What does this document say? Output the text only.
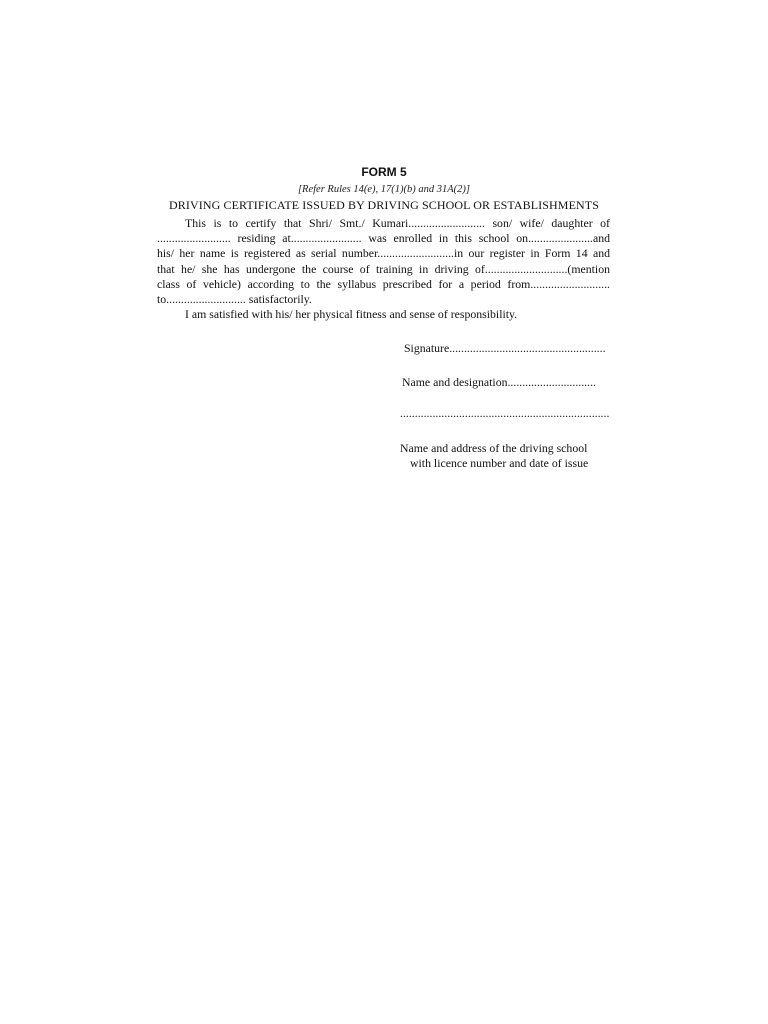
FORM 5
[Refer Rules 14(e), 17(1)(b) and 31A(2)]
DRIVING CERTIFICATE ISSUED BY DRIVING SCHOOL OR ESTABLISHMENTS
This is to certify that Shri/ Smt./ Kumari.......................... son/ wife/ daughter of
......................... residing at........................ was enrolled in this school on......................and
his/ her name is registered as serial number..........................in our register in Form 14 and
that he/ she has undergone the course of training in driving of............................(mention
class of vehicle) according to the syllabus prescribed for a period from...........................
to........................... satisfactorily.
I am satisfied with his/ her physical fitness and sense of responsibility.
Signature.....................................................
Name and designation..............................
.......................................................................
Name and address of the driving school
with licence number and date of issue
